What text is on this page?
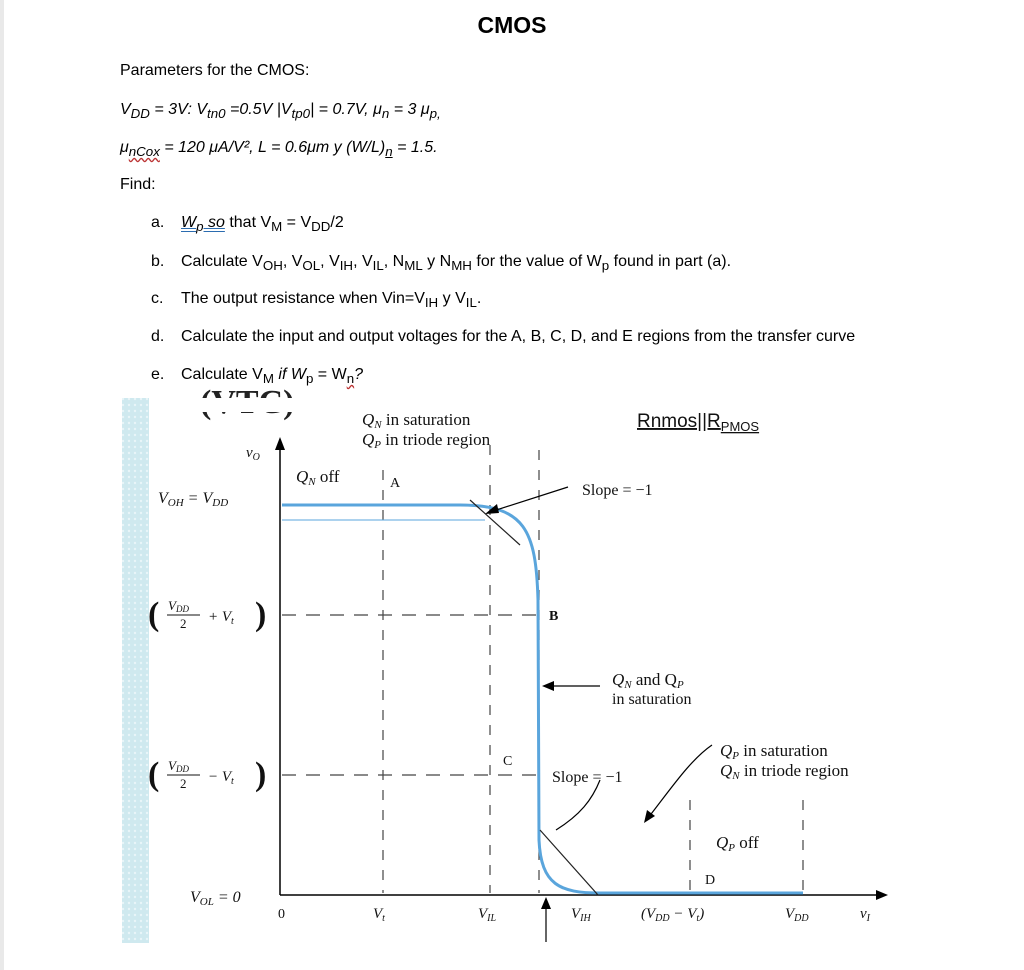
CMOS
Parameters for the CMOS:
$V_{DD} = 3V$: $V_{tn0} =0.5V$ $|V_{tp0}| = 0.7V$, $\mu_n = 3$ $\mu_{p,}$
$\mu_{nCox} = 120$ μA/V², L = 0.6μm y $(W/L)_n = 1.5$.
Find:
a. $W_p$ so that $V_M = V_{DD}/2$
b. Calculate $V_{OH}$, $V_{OL}$, $V_{IH}$, $V_{IL}$, $N_{ML}$ y $N_{MH}$ for the value of $W_p$ found in part (a).
c. The output resistance when $Vin=V_{IH}$ y $V_{IL}$.
d. Calculate the input and output voltages for the A, B, C, D, and E regions from the transfer curve
e. Calculate $V_M$ if $W_p = W_n$?
QN in saturation
QP in triode region
$v_O$
VOH = VDD
QN off	A	Slope = −1
( VDD
$2 + V_t$ )	B
QN and QP
in saturation
( VDD
$2 - V_t$ )	C
Slope = −1
QP in saturation
QN in triode region
QP off
D
VOL = 0
0	$V_t$	$V_{IL}$	$V_{IH}$	$(V_{DD} - V_t)$	$V_{DD}$	$v_I$
$Rnmos||R_{PMOS}$
